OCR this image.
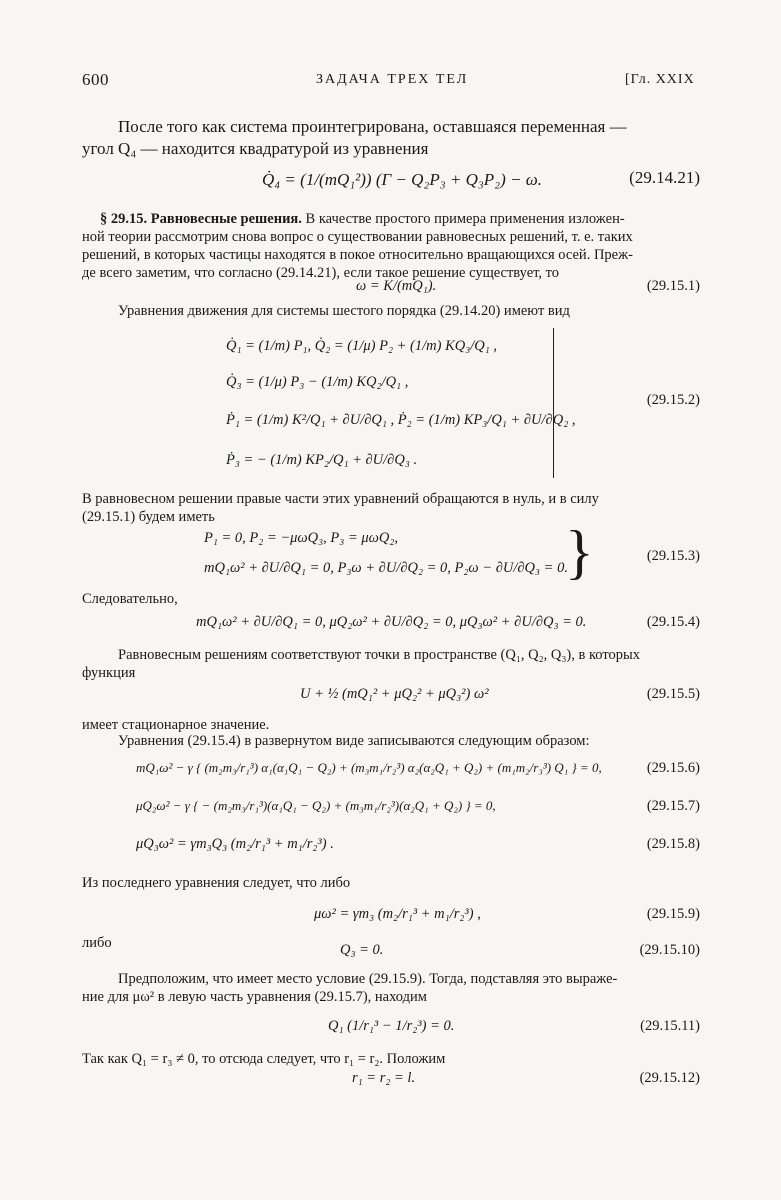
600	ЗАДАЧА ТРЕХ ТЕЛ	[Гл. XXIX
После того как система проинтегрирована, оставшаяся переменная —
угол Q₄ — находится квадратурой из уравнения
Q̇₄ = (1/(mQ₁²)) (Γ − Q₂P₃ + Q₃P₂) − ω.	(29.14.21)
§ 29.15. Равновесные решения. В качестве простого примера применения изложен-
ной теории рассмотрим снова вопрос о существовании равновесных решений, т. е. таких
решений, в которых частицы находятся в покое относительно вращающихся осей. Преж-
де всего заметим, что согласно (29.14.21), если такое решение существует, то
ω = K/(mQ₁).	(29.15.1)
Уравнения движения для системы шестого порядка (29.14.20) имеют вид
Q̇₁ = (1/m) P₁, Q̇₂ = (1/μ) P₂ + (1/m) KQ₃/Q₁ ,
Q̇₃ = (1/μ) P₃ − (1/m) KQ₂/Q₁ ,
Ṗ₁ = (1/m) K²/Q₁ + ∂U/∂Q₁ , Ṗ₂ = (1/m) KP₃/Q₁ + ∂U/∂Q₂ ,
Ṗ₃ = − (1/m) KP₂/Q₁ + ∂U/∂Q₃ .
(29.15.2)
В равновесном решении правые части этих уравнений обращаются в нуль, и в силу
(29.15.1) будем иметь
P₁ = 0, P₂ = −μωQ₃, P₃ = μωQ₂,
mQ₁ω² + ∂U/∂Q₁ = 0, P₃ω + ∂U/∂Q₂ = 0, P₂ω − ∂U/∂Q₃ = 0.
}	(29.15.3)
Следовательно,
mQ₁ω² + ∂U/∂Q₁ = 0, μQ₂ω² + ∂U/∂Q₂ = 0, μQ₃ω² + ∂U/∂Q₃ = 0.	(29.15.4)
Равновесным решениям соответствуют точки в пространстве (Q₁, Q₂, Q₃), в которых
функция
U + ½ (mQ₁² + μQ₂² + μQ₃²) ω²	(29.15.5)
имеет стационарное значение.
Уравнения (29.15.4) в развернутом виде записываются следующим образом:
mQ₁ω² − γ { (m₂m₃/r₁³) α₁(α₁Q₁ − Q₂) + (m₃m₁/r₂³) α₂(α₂Q₁ + Q₂) + (m₁m₂/r₃³) Q₁ } = 0,	(29.15.6)
μQ₂ω² − γ { − (m₂m₃/r₁³)(α₁Q₁ − Q₂) + (m₃m₁/r₂³)(α₂Q₁ + Q₂) } = 0,	(29.15.7)
μQ₃ω² = γm₃Q₃ (m₂/r₁³ + m₁/r₂³) .	(29.15.8)
Из последнего уравнения следует, что либо
μω² = γm₃ (m₂/r₁³ + m₁/r₂³) ,	(29.15.9)
либо	Q₃ = 0.	(29.15.10)
Предположим, что имеет место условие (29.15.9). Тогда, подставляя это выраже-
ние для μω² в левую часть уравнения (29.15.7), находим
Q₁ (1/r₁³ − 1/r₂³) = 0.	(29.15.11)
Так как Q₁ = r₃ ≠ 0, то отсюда следует, что r₁ = r₂. Положим
r₁ = r₂ = l.	(29.15.12)
